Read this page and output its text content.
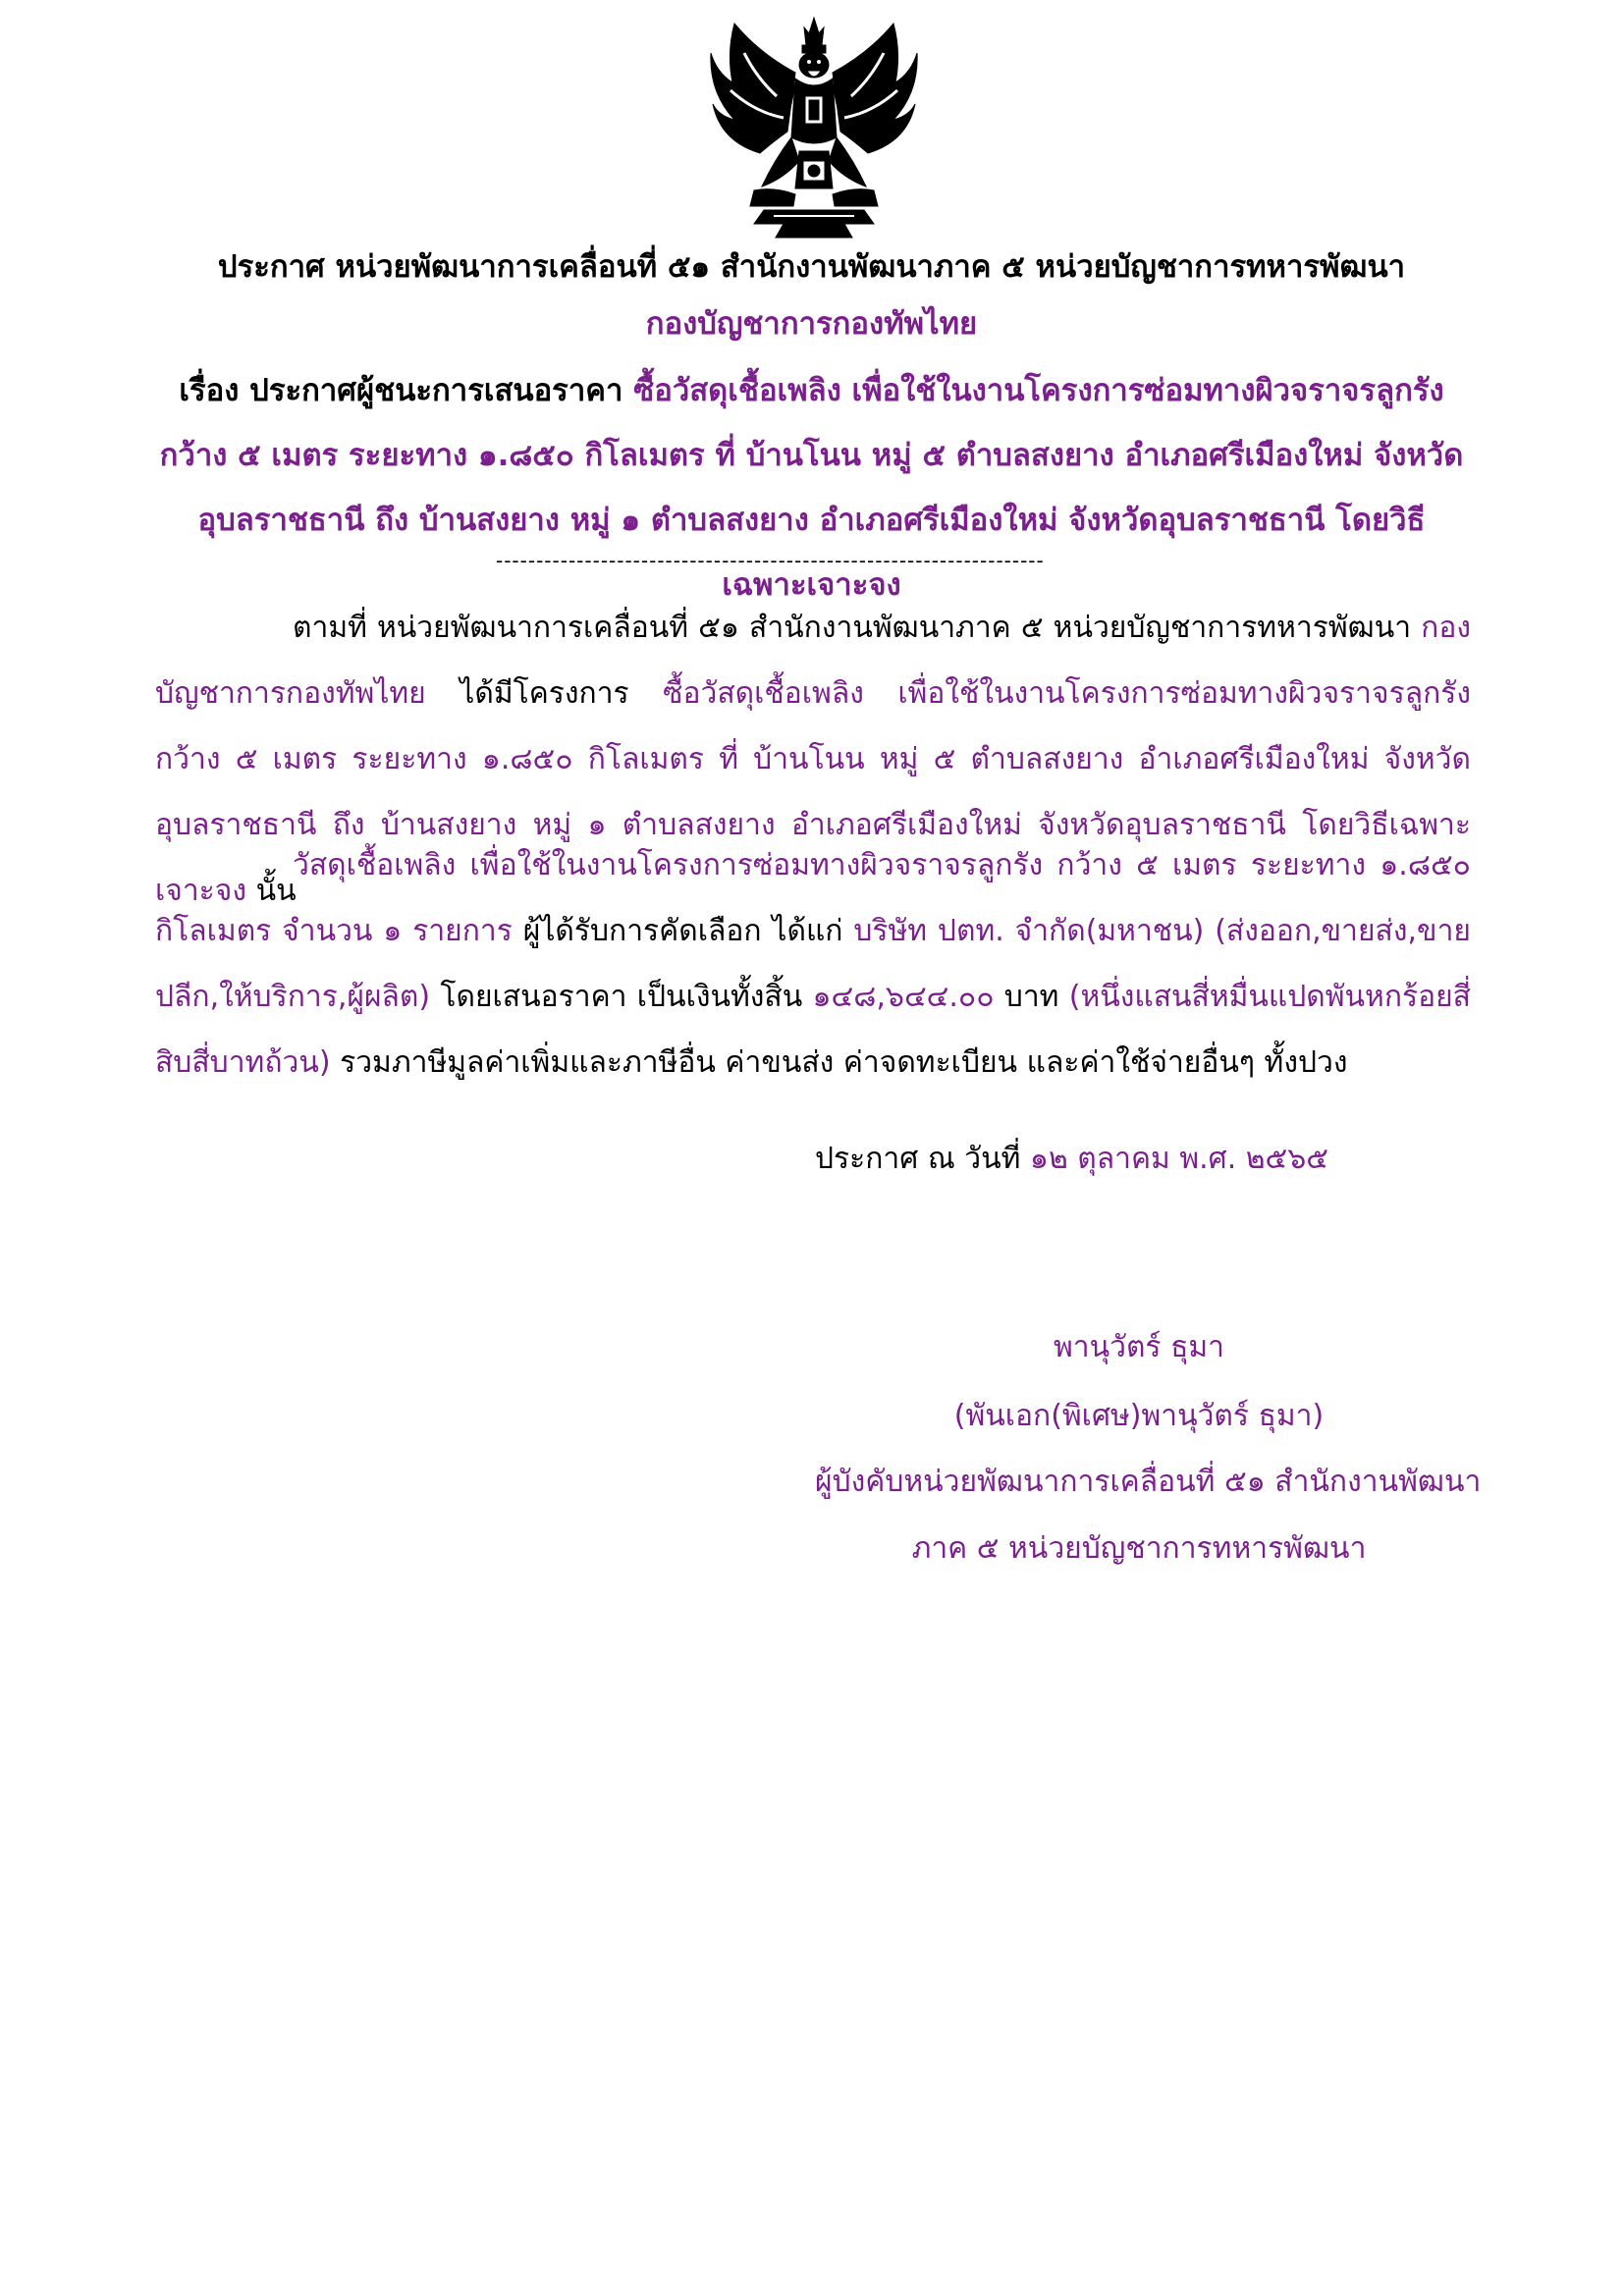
ประกาศ หน่วยพัฒนาการเคลื่อนที่ ๕๑ สำนักงานพัฒนาภาค ๕ หน่วยบัญชาการทหารพัฒนา
กองบัญชาการกองทัพไทย
เรื่อง ประกาศผู้ชนะการเสนอราคา ซื้อวัสดุเชื้อเพลิง เพื่อใช้ในงานโครงการซ่อมทางผิวจราจรลูกรัง กว้าง ๕ เมตร ระยะทาง ๑.๘๕๐ กิโลเมตร ที่ บ้านโนน หมู่ ๕ ตำบลสงยาง อำเภอศรีเมืองใหม่ จังหวัดอุบลราชธานี ถึง บ้านสงยาง หมู่ ๑ ตำบลสงยาง อำเภอศรีเมืองใหม่ จังหวัดอุบลราชธานี โดยวิธีเฉพาะเจาะจง
--------------------------------------------------------------------
ตามที่ หน่วยพัฒนาการเคลื่อนที่ ๕๑ สำนักงานพัฒนาภาค ๕ หน่วยบัญชาการทหารพัฒนา กองบัญชาการกองทัพไทย ได้มีโครงการ ซื้อวัสดุเชื้อเพลิง เพื่อใช้ในงานโครงการซ่อมทางผิวจราจรลูกรัง กว้าง ๕ เมตร ระยะทาง ๑.๘๕๐ กิโลเมตร ที่ บ้านโนน หมู่ ๕ ตำบลสงยาง อำเภอศรีเมืองใหม่ จังหวัดอุบลราชธานี ถึง บ้านสงยาง หมู่ ๑ ตำบลสงยาง อำเภอศรีเมืองใหม่ จังหวัดอุบลราชธานี โดยวิธีเฉพาะเจาะจง นั้น
วัสดุเชื้อเพลิง เพื่อใช้ในงานโครงการซ่อมทางผิวจราจรลูกรัง กว้าง ๕ เมตร ระยะทาง ๑.๘๕๐ กิโลเมตร จำนวน ๑ รายการ ผู้ได้รับการคัดเลือก ได้แก่ บริษัท ปตท. จำกัด(มหาชน) (ส่งออก,ขายส่ง,ขายปลีก,ให้บริการ,ผู้ผลิต) โดยเสนอราคา เป็นเงินทั้งสิ้น ๑๔๘,๖๔๔.๐๐ บาท (หนึ่งแสนสี่หมื่นแปดพันหกร้อยสี่สิบสี่บาทถ้วน) รวมภาษีมูลค่าเพิ่มและภาษีอื่น ค่าขนส่ง ค่าจดทะเบียน และค่าใช้จ่ายอื่นๆ ทั้งปวง
ประกาศ ณ วันที่ ๑๒ ตุลาคม พ.ศ. ๒๕๖๕
พานุวัตร์ ธุมา
(พันเอก(พิเศษ)พานุวัตร์ ธุมา)
ผู้บังคับหน่วยพัฒนาการเคลื่อนที่ ๕๑ สำนักงานพัฒนา
ภาค ๕ หน่วยบัญชาการทหารพัฒนา
